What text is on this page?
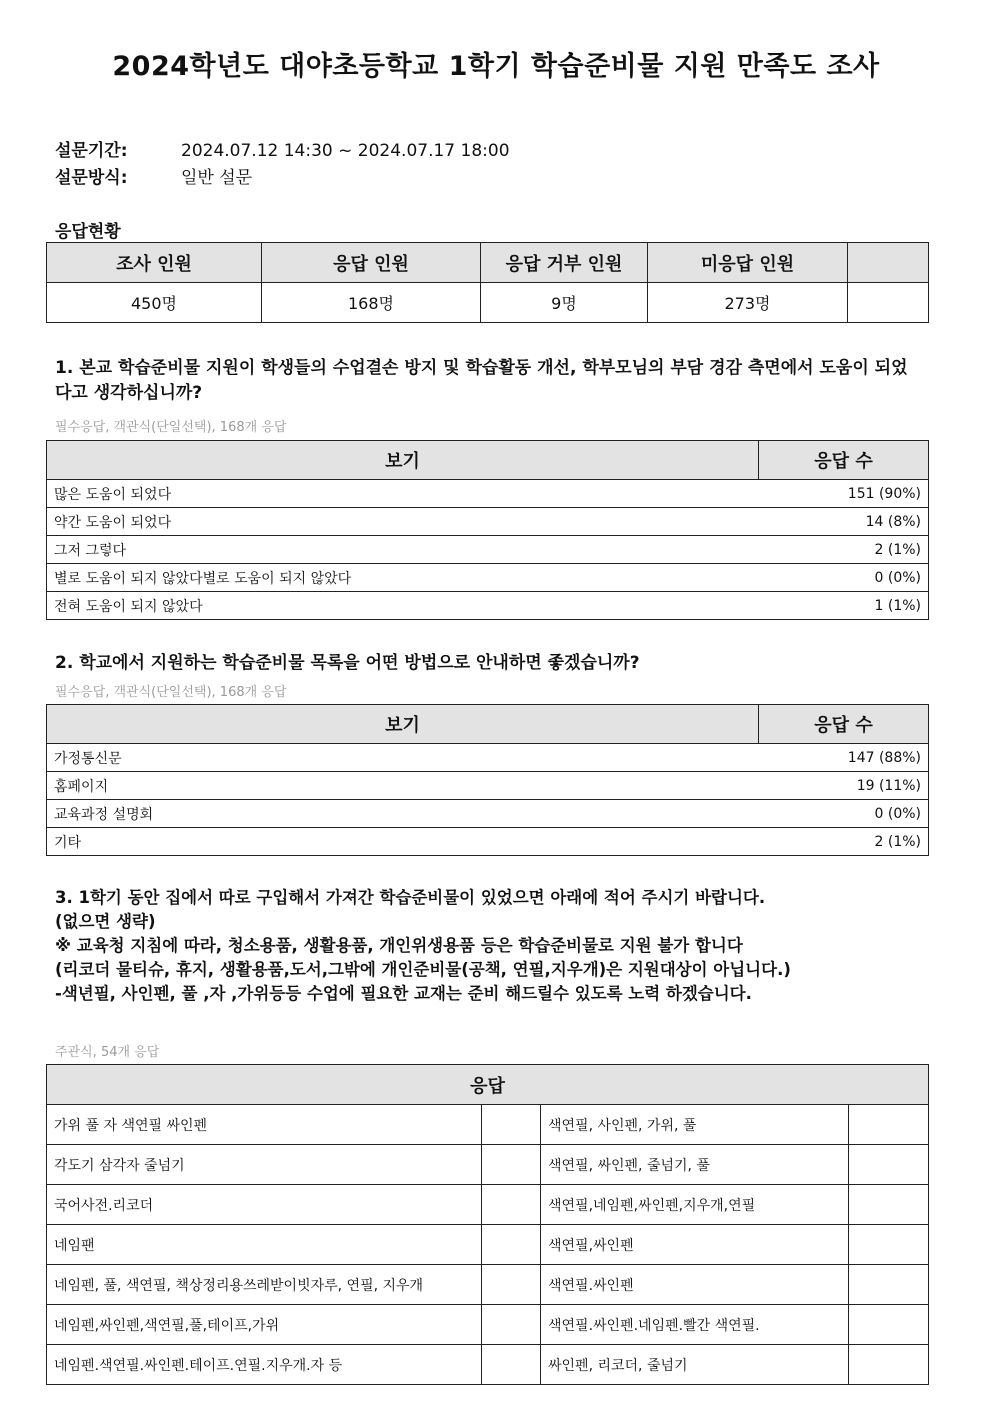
2024학년도 대야초등학교 1학기 학습준비물 지원 만족도 조사
설문기간:	2024.07.12 14:30 ~ 2024.07.17 18:00
설문방식:	일반 설문
응답현황
조사 인원	응답 인원	응답 거부 인원	미응답 인원	
450명	168명	9명	273명	
1. 본교 학습준비물 지원이 학생들의 수업결손 방지 및 학습활동 개선, 학부모님의 부담 경감 측면에서 도움이 되었다고 생각하십니까?
필수응답, 객관식(단일선택), 168개 응답
보기	응답 수
많은 도움이 되었다	151 (90%)
약간 도움이 되었다	14 (8%)
그저 그렇다	2 (1%)
별로 도움이 되지 않았다별로 도움이 되지 않았다	0 (0%)
전혀 도움이 되지 않았다	1 (1%)
2. 학교에서 지원하는 학습준비물 목록을 어떤 방법으로 안내하면 좋겠습니까?
필수응답, 객관식(단일선택), 168개 응답
보기	응답 수
가정통신문	147 (88%)
홈페이지	19 (11%)
교육과정 설명회	0 (0%)
기타	2 (1%)
3. 1학기 동안 집에서 따로 구입해서 가져간 학습준비물이 있었으면 아래에 적어 주시기 바랍니다.
(없으면 생략)
※ 교육청 지침에 따라, 청소용품, 생활용품, 개인위생용품 등은 학습준비물로 지원 불가 합니다
(리코더 물티슈, 휴지, 생활용품,도서,그밖에 개인준비물(공책, 연필,지우개)은 지원대상이 아닙니다.)
-색년필, 사인펜, 풀 ,자 ,가위등등 수업에 필요한 교재는 준비 해드릴수 있도록 노력 하겠습니다.
주관식, 54개 응답
응답			
가위 풀 자 색연필 싸인펜		색연필, 사인펜, 가위, 풀	
각도기 삼각자 줄넘기		색연필, 싸인펜, 줄넘기, 풀	
국어사전.리코더		색연필,네임펜,싸인펜,지우개,연필	
네임팬		색연필,싸인펜	
네임펜, 풀, 색연필, 책상정리용쓰레받이빗자루, 연필, 지우개		색연필.싸인펜	
네임펜,싸인펜,색연필,풀,테이프,가위		색연필.싸인펜.네임펜.빨간 색연필.	
네임펜.색연필.싸인펜.테이프.연필.지우개.자 등		싸인펜, 리코더, 줄넘기	
